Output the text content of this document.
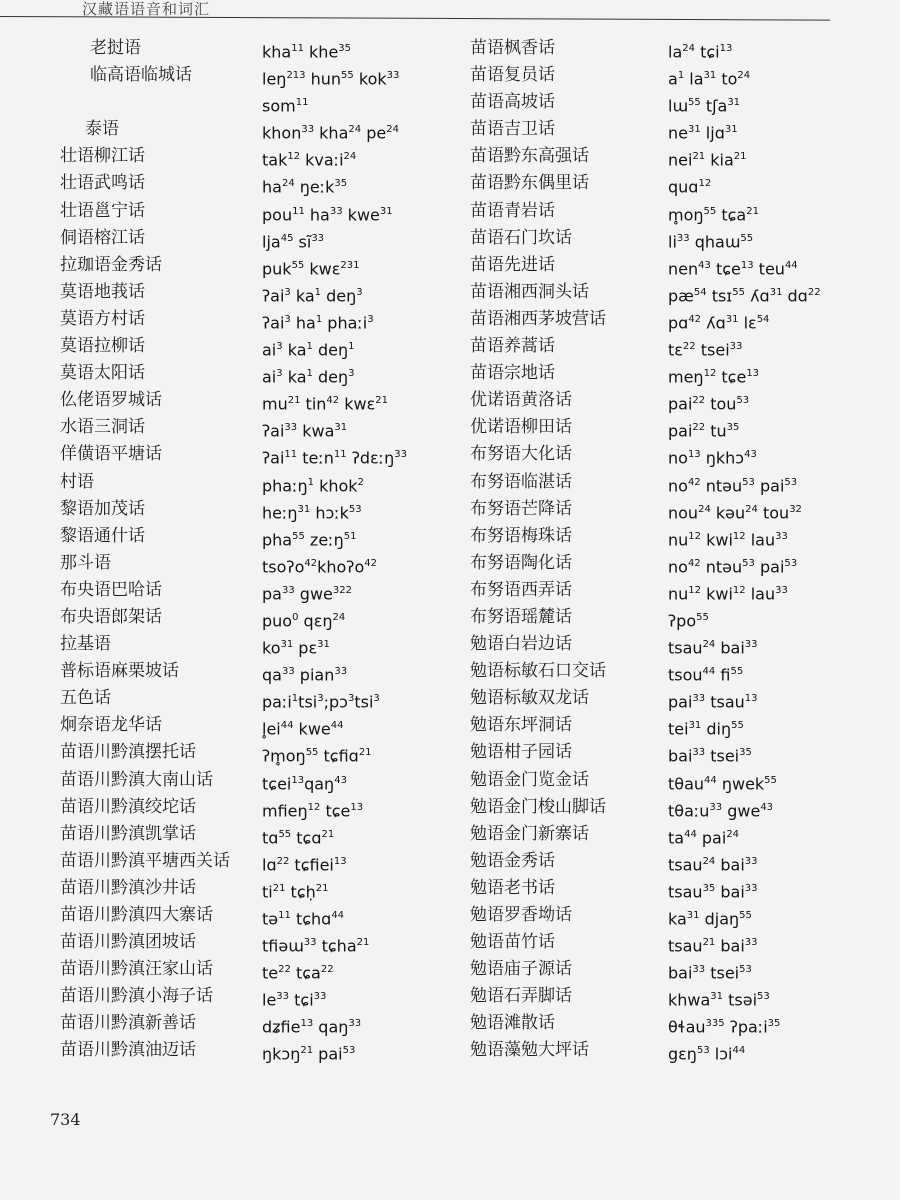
汉藏语语音和词汇
老挝语	kha$^{11}$ khe$^{35}$
临高语临城话	leŋ$^{213}$ hun$^{55}$ kok$^{33}$
som$^{11}$
泰语	khon$^{33}$ kha$^{24}$ $pe^{24}$
壮语柳江话	tak$^{12}$ kvaːi$^{24}$
壮语武鸣话	$ha^{24}$ ŋeːk$^{35}$
壮语邕宁话	pou$^{11}$ $ha^{33}$ kwe$^{31}$
侗语榕江话	lja$^{45}$ $sĩ^{33}$
拉珈语金秀话	puk$^{55}$ kwɛ$^{231}$
莫语地莪话	ʔai$^3$ $ka^1$ deŋ$^3$
莫语方村话	ʔai$^3$ $ha^1$ phaːi$^3$
莫语拉柳话	$ai^3$ $ka^1$ deŋ$^1$
莫语太阳话	$ai^3$ $ka^1$ deŋ$^3$
仫佬语罗城话	$mu^{21}$ tin$^{42}$ kwɛ$^{21}$
水语三洞话	ʔai$^{33}$ kwa$^{31}$
佯僙语平塘话	ʔai$^{11}$ teːn$^{11}$ ʔdɛːŋ$^{33}$
村语	phaːŋ$^1$ khok$^2$
黎语加茂话	heːŋ$^{31}$ hɔːk$^{53}$
黎语通什话	pha$^{55}$ zeːŋ$^{51}$
那斗语	tsoʔo$^{42}$khoʔo$^{42}$
布央语巴哈话	$pa^{33}$ gwe$^{322}$
布央语郎架话	puo$^0$ qɛŋ$^{24}$
拉基语	$ko^{31}$ pɛ$^{31}$
普标语麻栗坡话	$qa^{33}$ pian$^{33}$
五色话	paːi$^1$tsi$^3$;pɔ$^3$tsi$^3$
炯奈语龙华话	$l̥ei^{44}$ kwe$^{44}$
苗语川黔滇摆托话	$ʔm̥oŋ^{55}$ tɕfiɑ$^{21}$
苗语川黔滇大南山话	tɕei$^{13}$qaŋ$^{43}$
苗语川黔滇绞坨话	mfieŋ$^{12}$ tɕe$^{13}$
苗语川黔滇凯掌话	tɑ$^{55}$ tɕɑ$^{21}$
苗语川黔滇平塘西关话 lɑ$^{22}$ tɕfiei$^{13}$
苗语川黔滇沙井话	$ti^{21}$ tɕḥ$^{21}$
苗语川黔滇四大寨话	tə$^{11}$ tɕhɑ$^{44}$
苗语川黔滇团坡话	tfiəɯ$^{33}$ tɕha$^{21}$
苗语川黔滇汪家山话	$te^{22}$ tɕa$^{22}$
苗语川黔滇小海子话	$le^{33}$ tɕi$^{33}$
苗语川黔滇新善话	dʑfie$^{13}$ qaŋ$^{33}$
苗语川黔滇油迈话	ŋkɔŋ$^{21}$ pai$^{53}$
苗语枫香话	$la^{24}$ tɕi$^{13}$
苗语复员话	$a^1$ $la^{31}$ $to^{24}$
苗语高坡话	lɯ$^{55}$ tʃa$^{31}$
苗语吉卫话	$ne^{31}$ ljɑ$^{31}$
苗语黔东高强话	nei$^{21}$ kia$^{21}$
苗语黔东偶里话	quɑ$^{12}$
苗语青岩话	$m̥oŋ^{55}$ tɕa$^{21}$
苗语石门坎话	$li^{33}$ qhaɯ$^{55}$
苗语先进话	nen$^{43}$ tɕe$^{13}$ teu$^{44}$
苗语湘西洞头话	$pæ^{54}$ tsɪ$^{55}$ ʎɑ$^{31}$ dɑ$^{22}$
苗语湘西茅坡营话	pɑ$^{42}$ ʎɑ$^{31}$ lɛ$^{54}$
苗语养蒿话	tɛ$^{22}$ tsei$^{33}$
苗语宗地话	meŋ$^{12}$ tɕe$^{13}$
优诺语黄洛话	pai$^{22}$ tou$^{53}$
优诺语柳田话	pai$^{22}$ $tu^{35}$
布努语大化话	$no^{13}$ ŋkhɔ$^{43}$
布努语临湛话	$no^{42}$ ntəu$^{53}$ pai$^{53}$
布努语芒降话	nou$^{24}$ kəu$^{24}$ tou$^{32}$
布努语梅珠话	$nu^{12}$ kwi$^{12}$ lau$^{33}$
布努语陶化话	$no^{42}$ ntəu$^{53}$ pai$^{53}$
布努语西弄话	$nu^{12}$ kwi$^{12}$ lau$^{33}$
布努语瑶麓话	ʔpo$^{55}$
勉语白岩边话	tsau$^{24}$ bai$^{33}$
勉语标敏石口交话	tsou$^{44}$ $fi^{55}$
勉语标敏双龙话	pai$^{33}$ tsau$^{13}$
勉语东坪洞话	tei$^{31}$ diŋ$^{55}$
勉语柑子园话	bai$^{33}$ tsei$^{35}$
勉语金门览金话	tθau$^{44}$ ŋwek$^{55}$
勉语金门梭山脚话	tθaːu$^{33}$ gwe$^{43}$
勉语金门新寨话	$ta^{44}$ pai$^{24}$
勉语金秀话	tsau$^{24}$ bai$^{33}$
勉语老书话	tsau$^{35}$ bai$^{33}$
勉语罗香坳话	$ka^{31}$ djaŋ$^{55}$
勉语苗竹话	tsau$^{21}$ bai$^{33}$
勉语庙子源话	bai$^{33}$ tsei$^{53}$
勉语石弄脚话	khwa$^{31}$ tsəi$^{53}$
勉语滩散话	θɬau$^{335}$ ʔpaːi$^{35}$
勉语藻勉大坪话	gɛŋ$^{53}$ lɔi$^{44}$
734
